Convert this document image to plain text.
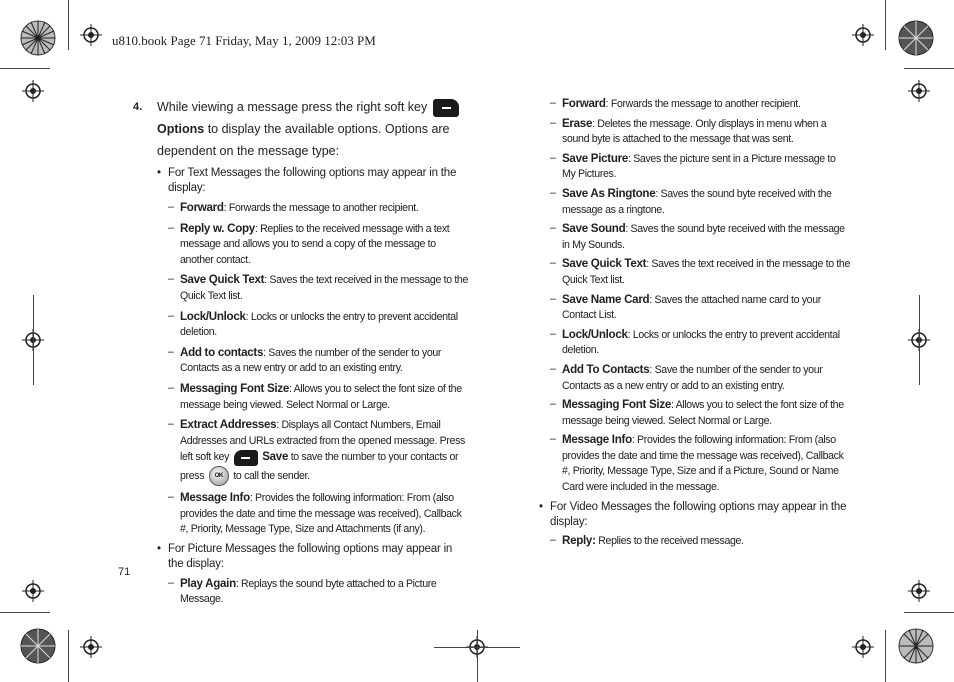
u810.book Page 71 Friday, May 1, 2009 12:03 PM
4. While viewing a message press the right soft key
Options to display the available options. Options are dependent on the message type:
• For Text Messages the following options may appear in the display:
– Forward: Forwards the message to another recipient.
– Reply w. Copy: Replies to the received message with a text message and allows you to send a copy of the message to another contact.
– Save Quick Text: Saves the text received in the message to the Quick Text list.
– Lock/Unlock: Locks or unlocks the entry to prevent accidental deletion.
– Add to contacts: Saves the number of the sender to your Contacts as a new entry or add to an existing entry.
– Messaging Font Size: Allows you to select the font size of the message being viewed. Select Normal or Large.
– Extract Addresses: Displays all Contact Numbers, Email Addresses and URLs extracted from the opened message. Press left soft key	Save to save the number to your contacts or press OK to call the sender.
– Message Info: Provides the following information: From (also provides the date and time the message was received), Callback #, Priority, Message Type, Size and Attachments (if any).
• For Picture Messages the following options may appear in the display:
– Play Again: Replays the sound byte attached to a Picture Message.
– Forward: Forwards the message to another recipient.
– Erase: Deletes the message. Only displays in menu when a sound byte is attached to the message that was sent.
– Save Picture: Saves the picture sent in a Picture message to My Pictures.
– Save As Ringtone: Saves the sound byte received with the message as a ringtone.
– Save Sound: Saves the sound byte received with the message in My Sounds.
– Save Quick Text: Saves the text received in the message to the Quick Text list.
– Save Name Card: Saves the attached name card to your Contact List.
– Lock/Unlock: Locks or unlocks the entry to prevent accidental deletion.
– Add To Contacts: Save the number of the sender to your Contacts as a new entry or add to an existing entry.
– Messaging Font Size: Allows you to select the font size of the message being viewed. Select Normal or Large.
– Message Info: Provides the following information: From (also provides the date and time the message was received), Callback #, Priority, Message Type, Size and if a Picture, Sound or Name Card were included in the message.
• For Video Messages the following options may appear in the display:
– Reply: Replies to the received message.
71
